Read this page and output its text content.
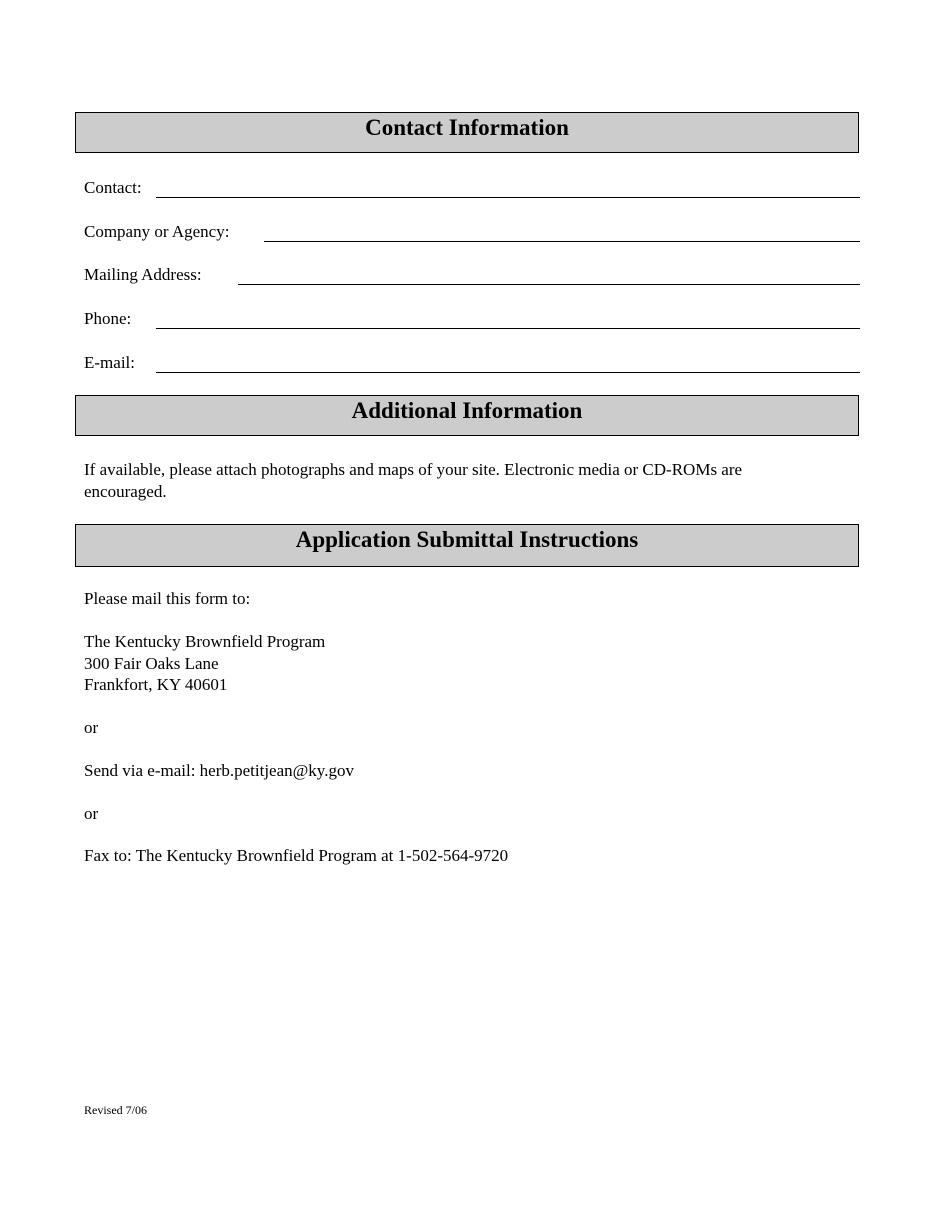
Contact Information
Contact:
Company or Agency:
Mailing Address:
Phone:
E-mail:
Additional Information
If available, please attach photographs and maps of your site. Electronic media or CD-ROMs are
encouraged.
Application Submittal Instructions
Please mail this form to:
The Kentucky Brownfield Program
300 Fair Oaks Lane
Frankfort, KY 40601
or
Send via e-mail: herb.petitjean@ky.gov
or
Fax to: The Kentucky Brownfield Program at 1-502-564-9720
Revised 7/06
